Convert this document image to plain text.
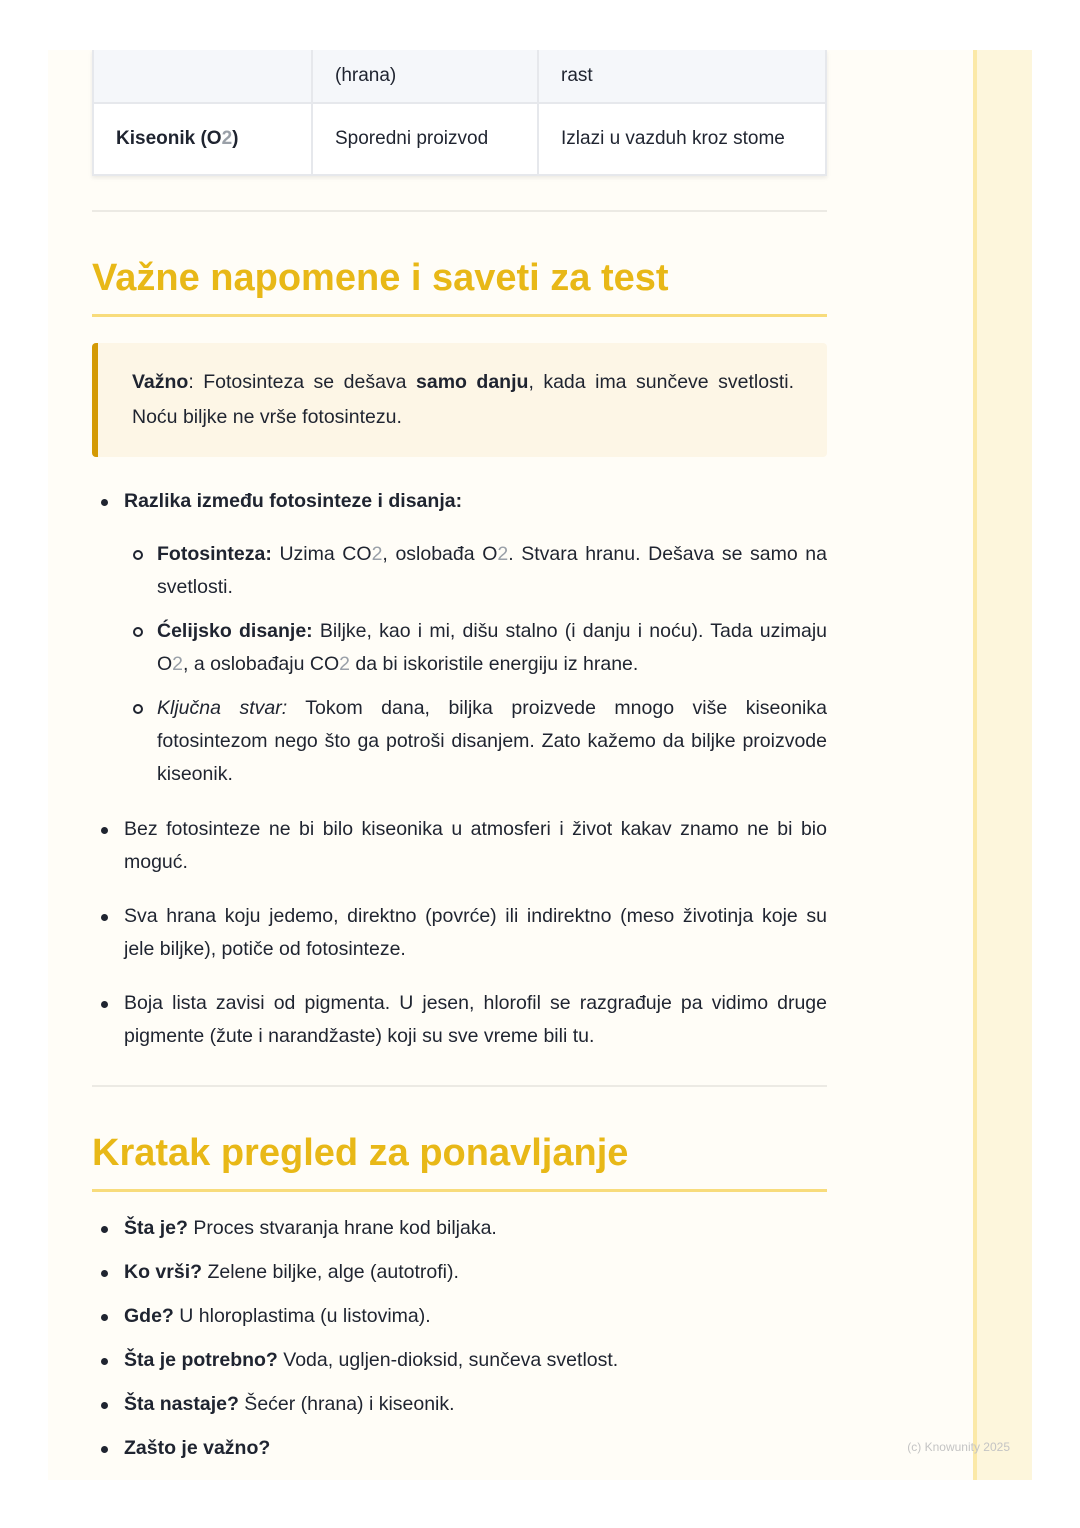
	(hrana)	rast
Kiseonik (O2)	Sporedni proizvod	Izlazi u vazduh kroz stome
Važne napomene i saveti za test
Važno: Fotosinteza se dešava samo danju, kada ima sunčeve svetlosti. Noću biljke ne vrše fotosintezu.
Razlika između fotosinteze i disanja:
Fotosinteza: Uzima CO2, oslobađa O2. Stvara hranu. Dešava se samo na svetlosti.
Ćelijsko disanje: Biljke, kao i mi, dišu stalno (i danju i noću). Tada uzimaju O2, a oslobađaju CO2 da bi iskoristile energiju iz hrane.
Ključna stvar: Tokom dana, biljka proizvede mnogo više kiseonika fotosintezom nego što ga potroši disanjem. Zato kažemo da biljke proizvode kiseonik.
Bez fotosinteze ne bi bilo kiseonika u atmosferi i život kakav znamo ne bi bio moguć.
Sva hrana koju jedemo, direktno (povrće) ili indirektno (meso životinja koje su jele biljke), potiče od fotosinteze.
Boja lista zavisi od pigmenta. U jesen, hlorofil se razgrađuje pa vidimo druge pigmente (žute i narandžaste) koji su sve vreme bili tu.
Kratak pregled za ponavljanje
Šta je? Proces stvaranja hrane kod biljaka.
Ko vrši? Zelene biljke, alge (autotrofi).
Gde? U hloroplastima (u listovima).
Šta je potrebno? Voda, ugljen-dioksid, sunčeva svetlost.
Šta nastaje? Šećer (hrana) i kiseonik.
Zašto je važno?	(c) Knowunity 2025
